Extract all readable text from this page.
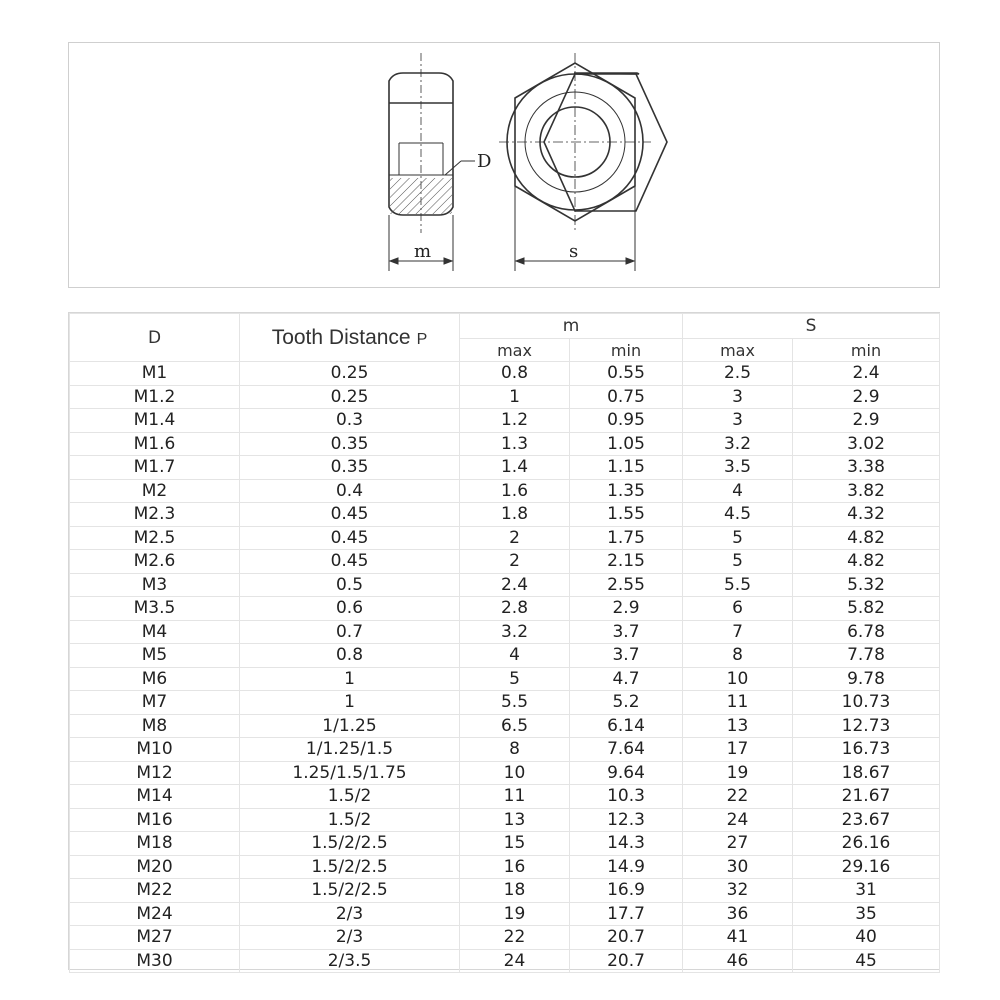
D
m	s
D	Tooth Distance P	m		S	
		max	min	max	min
M1	0.25	0.8	0.55	2.5	2.4
M1.2	0.25	1	0.75	3	2.9
M1.4	0.3	1.2	0.95	3	2.9
M1.6	0.35	1.3	1.05	3.2	3.02
M1.7	0.35	1.4	1.15	3.5	3.38
M2	0.4	1.6	1.35	4	3.82
M2.3	0.45	1.8	1.55	4.5	4.32
M2.5	0.45	2	1.75	5	4.82
M2.6	0.45	2	2.15	5	4.82
M3	0.5	2.4	2.55	5.5	5.32
M3.5	0.6	2.8	2.9	6	5.82
M4	0.7	3.2	3.7	7	6.78
M5	0.8	4	3.7	8	7.78
M6	1	5	4.7	10	9.78
M7	1	5.5	5.2	11	10.73
M8	1/1.25	6.5	6.14	13	12.73
M10	1/1.25/1.5	8	7.64	17	16.73
M12	1.25/1.5/1.75	10	9.64	19	18.67
M14	1.5/2	11	10.3	22	21.67
M16	1.5/2	13	12.3	24	23.67
M18	1.5/2/2.5	15	14.3	27	26.16
M20	1.5/2/2.5	16	14.9	30	29.16
M22	1.5/2/2.5	18	16.9	32	31
M24	2/3	19	17.7	36	35
M27	2/3	22	20.7	41	40
M30	2/3.5	24	20.7	46	45
